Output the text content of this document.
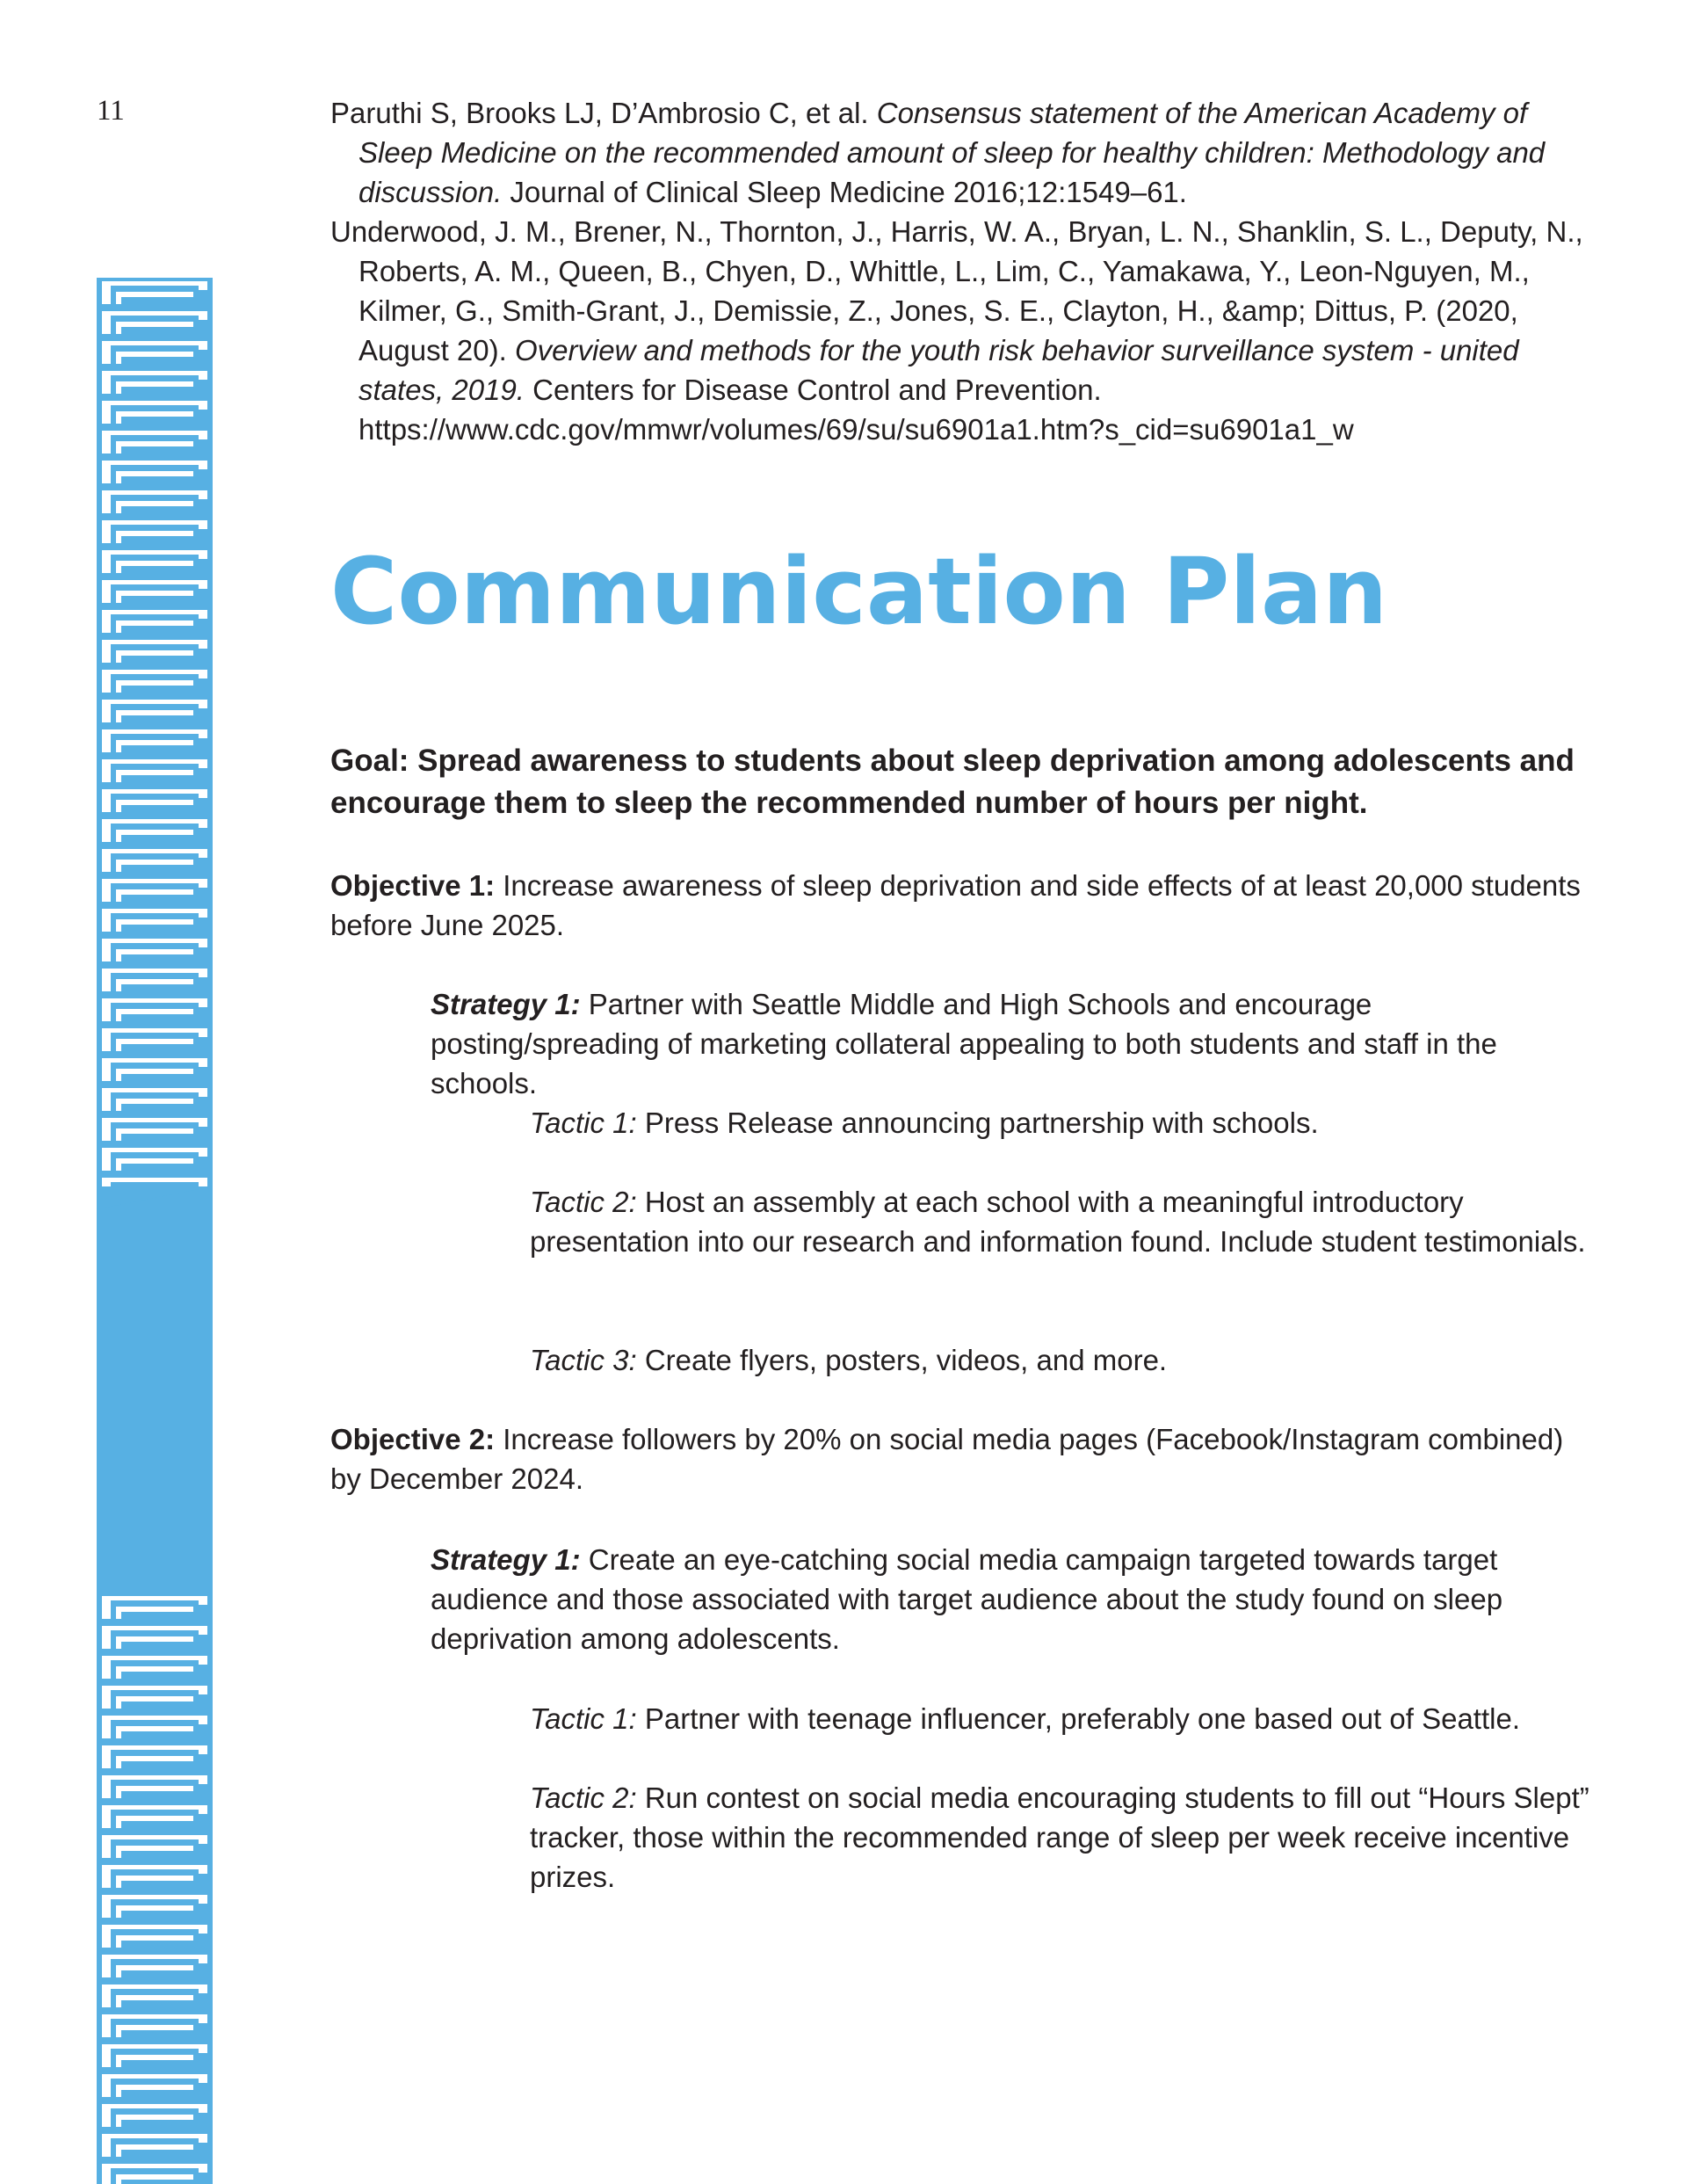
11	Paruthi S, Brooks LJ, D’Ambrosio C, et al. Consensus statement of the American Academy of Sleep Medicine on the recommended amount of sleep for healthy children: Methodology and discussion. Journal of Clinical Sleep Medicine 2016;12:1549–61.

Underwood, J. M., Brener, N., Thornton, J., Harris, W. A., Bryan, L. N., Shanklin, S. L., Deputy, N., Roberts, A. M., Queen, B., Chyen, D., Whittle, L., Lim, C., Yamakawa, Y., Leon-Nguyen, M., Kilmer, G., Smith-Grant, J., Demissie, Z., Jones, S. E., Clayton, H., &amp; Dittus, P. (2020, August 20). Overview and methods for the youth risk behavior surveillance system - united states, 2019. Centers for Disease Control and Prevention. https://www.cdc.gov/mmwr/volumes/69/su/su6901a1.htm?s_cid=su6901a1_w

Communication Plan

Goal: Spread awareness to students about sleep deprivation among adolescents and encourage them to sleep the recommended number of hours per night.

Objective 1: Increase awareness of sleep deprivation and side effects of at least 20,000 students before June 2025.

Strategy 1: Partner with Seattle Middle and High Schools and encourage posting/spreading of marketing collateral appealing to both students and staff in the schools.

Tactic 1: Press Release announcing partnership with schools.

Tactic 2: Host an assembly at each school with a meaningful introductory presentation into our research and information found. Include student testimonials.

Tactic 3: Create flyers, posters, videos, and more.

Objective 2: Increase followers by 20% on social media pages (Facebook/Instagram combined) by December 2024.

Strategy 1: Create an eye-catching social media campaign targeted towards target audience and those associated with target audience about the study found on sleep deprivation among adolescents.

Tactic 1: Partner with teenage influencer, preferably one based out of Seattle.

Tactic 2: Run contest on social media encouraging students to fill out “Hours Slept” tracker, those within the recommended range of sleep per week receive incentive prizes.
